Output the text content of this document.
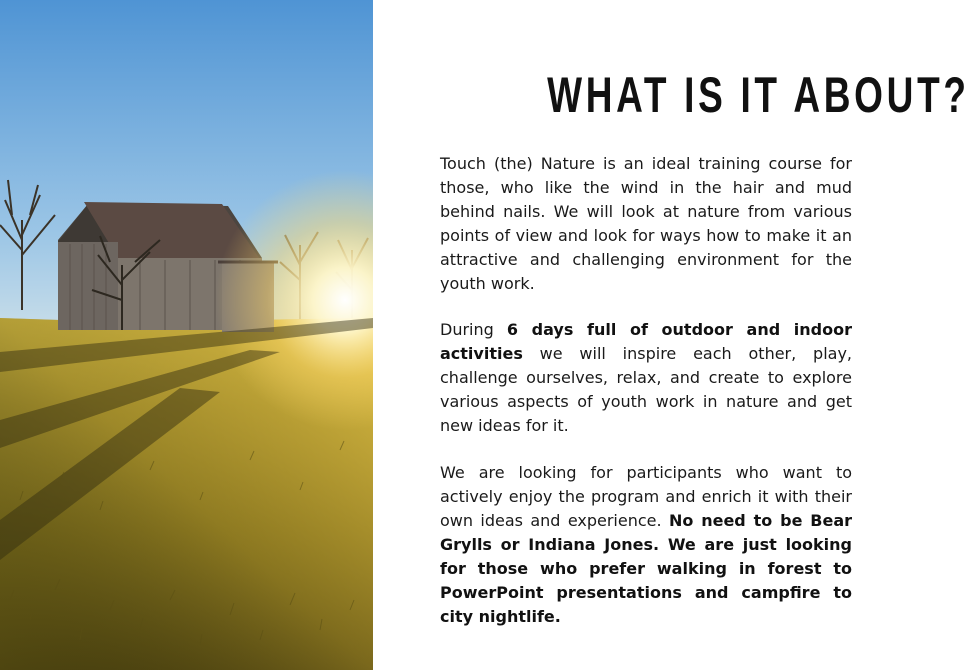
WHAT IS IT ABOUT?

Touch (the) Nature is an ideal training course for those, who like the wind in the hair and mud behind nails. We will look at nature from various points of view and look for ways how to make it an attractive and challenging environment for the youth work.

During 6 days full of outdoor and indoor activities we will inspire each other, play, challenge ourselves, relax, and create to explore various aspects of youth work in nature and get new ideas for it.

We are looking for participants who want to actively enjoy the program and enrich it with their own ideas and experience. No need to be Bear Grylls or Indiana Jones. We are just looking for those who prefer walking in forest to PowerPoint presentations and campfire to city nightlife.
